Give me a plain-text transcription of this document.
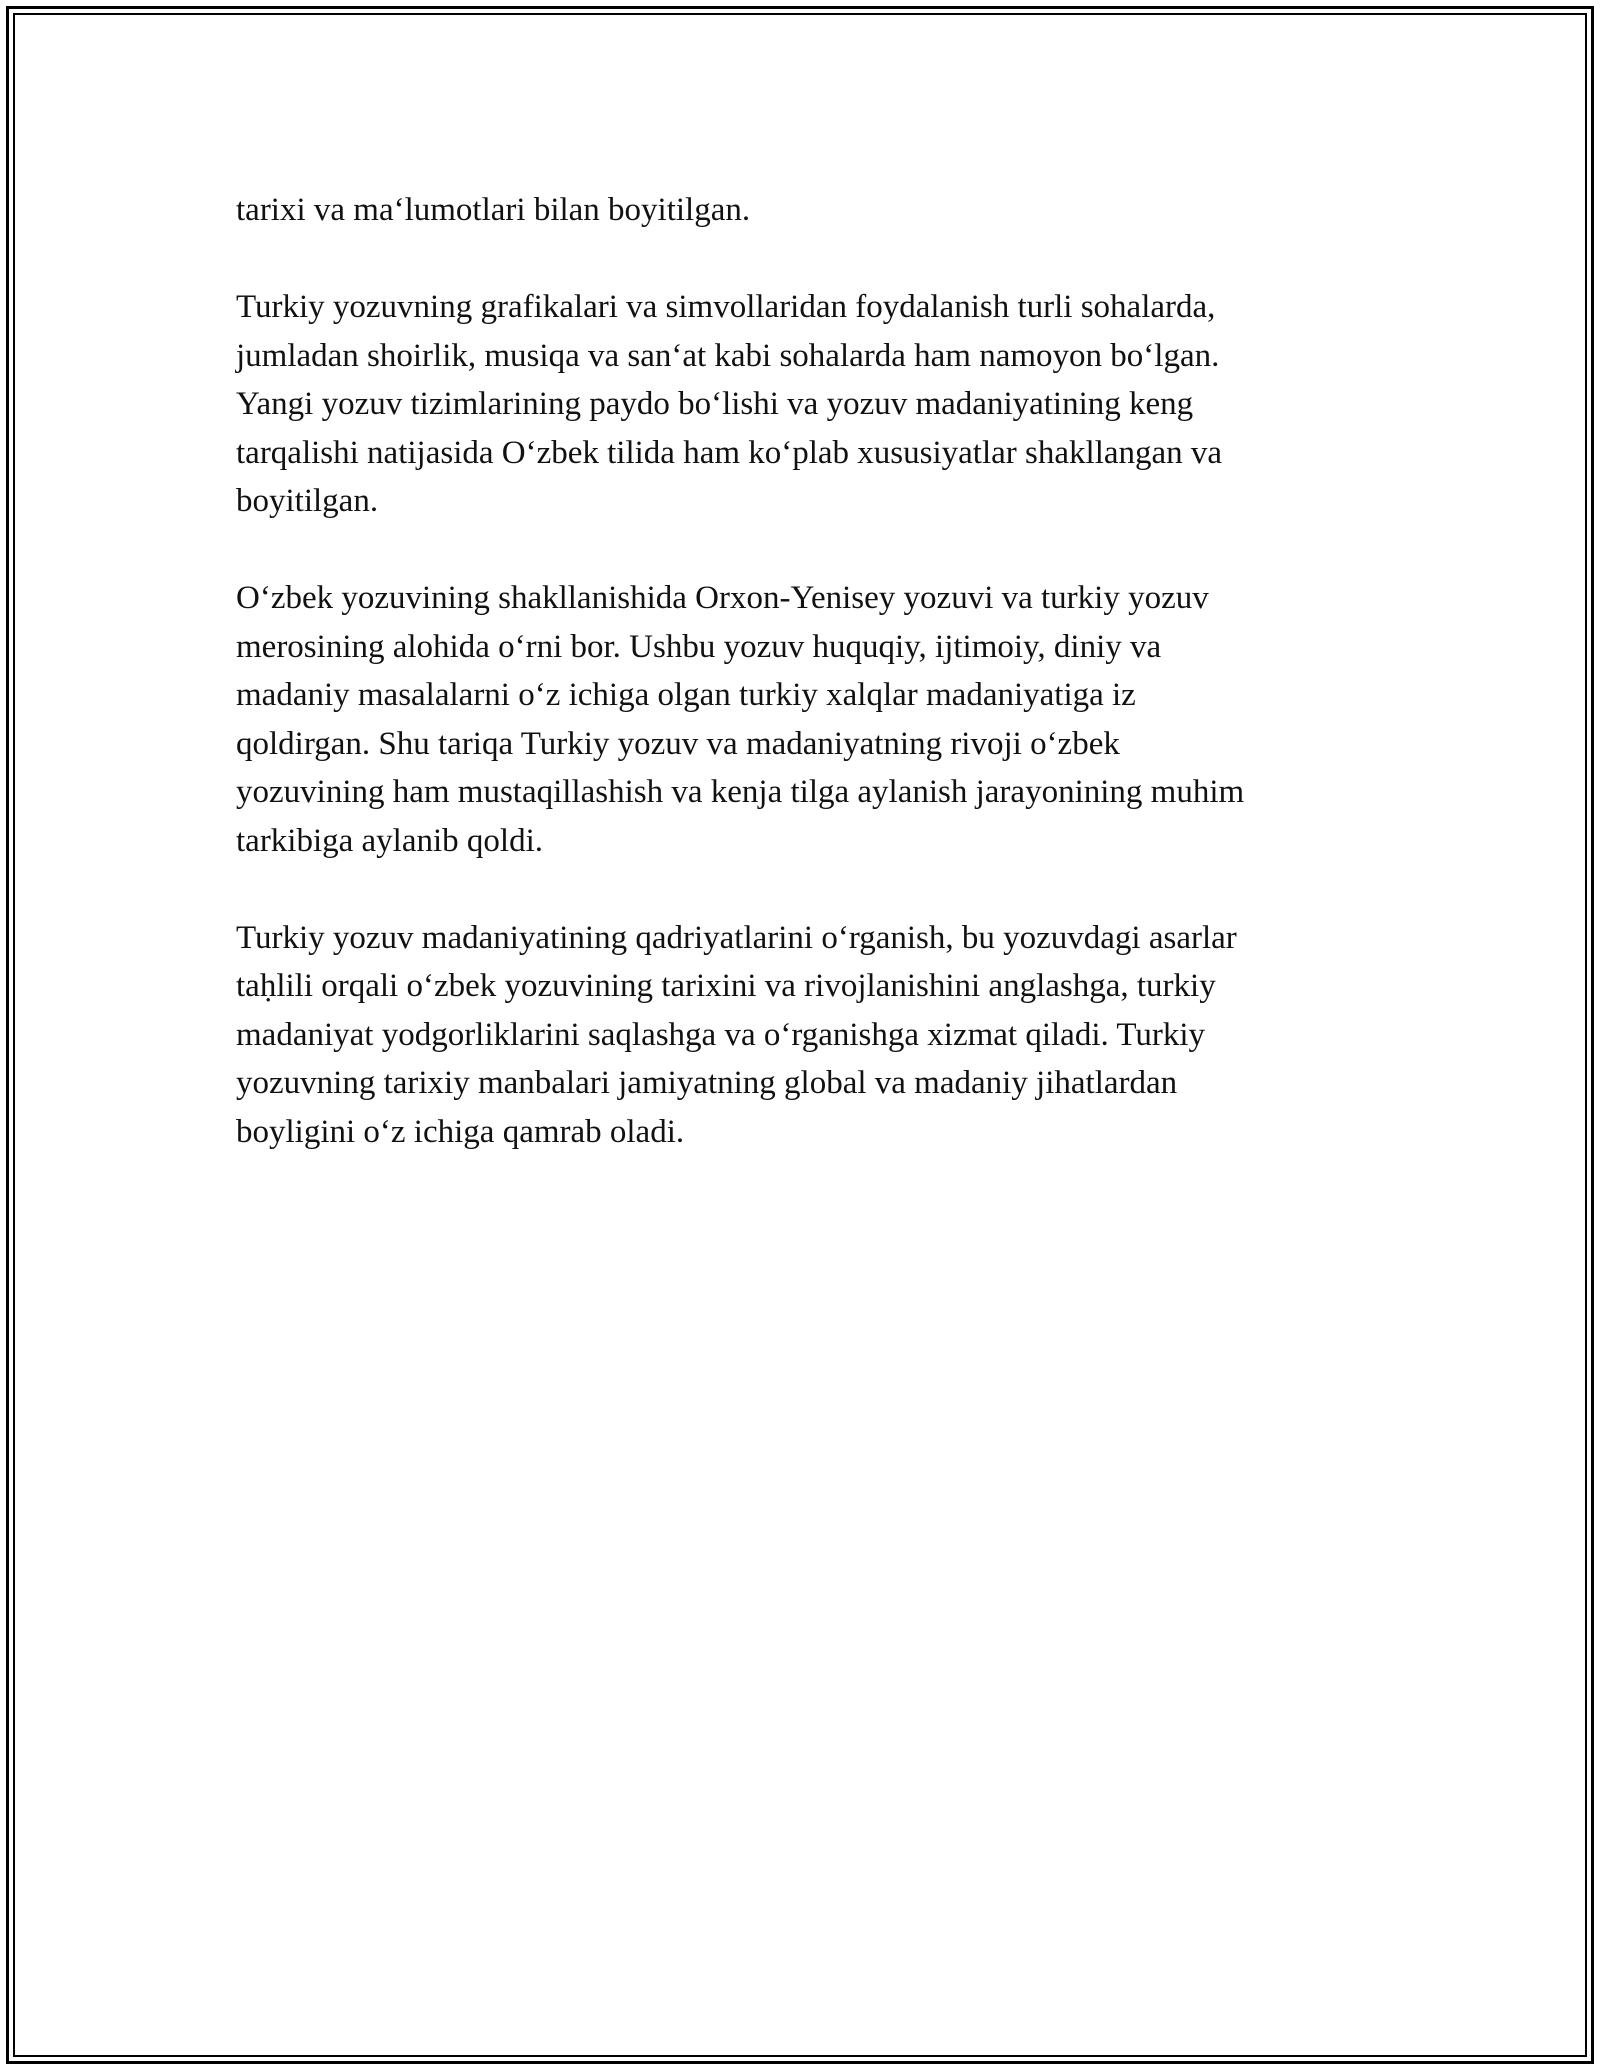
tarixi va ma‘lumotlari bilan boyitilgan.

Turkiy yozuvning grafikalari va simvollaridan foydalanish turli sohalarda,
jumladan shoirlik, musiqa va san‘at kabi sohalarda ham namoyon bo‘lgan.
Yangi yozuv tizimlarining paydo bo‘lishi va yozuv madaniyatining keng
tarqalishi natijasida O‘zbek tilida ham ko‘plab xususiyatlar shakllangan va
boyitilgan.

O‘zbek yozuvining shakllanishida Orxon-Yenisey yozuvi va turkiy yozuv
merosining alohida o‘rni bor. Ushbu yozuv huquqiy, ijtimoiy, diniy va
madaniy masalalarni o‘z ichiga olgan turkiy xalqlar madaniyatiga iz
qoldirgan. Shu tariqa Turkiy yozuv va madaniyatning rivoji o‘zbek
yozuvining ham mustaqillashish va kenja tilga aylanish jarayonining muhim
tarkibiga aylanib qoldi.

Turkiy yozuv madaniyatining qadriyatlarini o‘rganish, bu yozuvdagi asarlar
taḥlili orqali o‘zbek yozuvining tarixini va rivojlanishini anglashga, turkiy
madaniyat yodgorliklarini saqlashga va o‘rganishga xizmat qiladi. Turkiy
yozuvning tarixiy manbalari jamiyatning global va madaniy jihatlardan
boyligini o‘z ichiga qamrab oladi.
